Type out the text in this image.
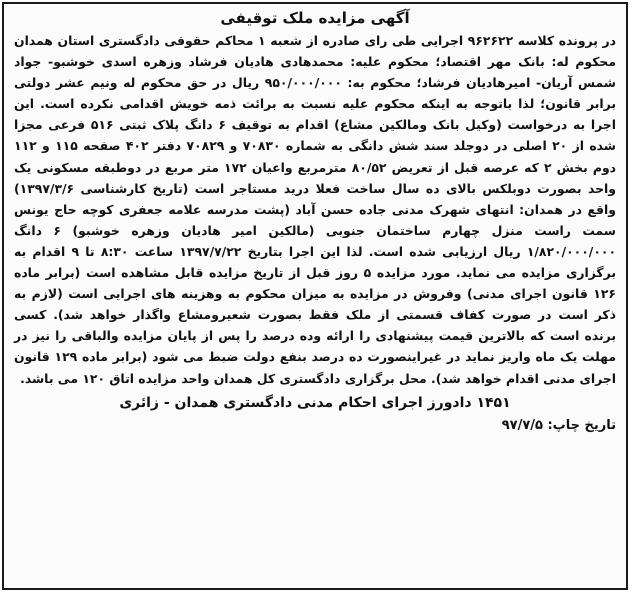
آگهی مزایده ملک توقیفی

در پرونده کلاسه ۹۶۲۶۲۲ اجرایی طی رای صادره از شعبه ۱ محاکم حقوقی دادگستری استان همدان محکوم له: بانک مهر اقتصاد؛ محکوم علیه: محمدهادی هادیان فرشاد وزهره اسدی خوشبو- جواد شمس آریان- امیرهادیان فرشاد؛ محکوم به: ۹۵۰/۰۰۰/۰۰۰ ریال در حق محکوم له ونیم عشر دولتی برابر قانون؛ لذا باتوجه به اینکه محکوم علیه نسبت به برائت ذمه خویش اقدامی نکرده است. این اجرا به درخواست (وکیل بانک ومالکین مشاع) اقدام به توقیف ۶ دانگ پلاک ثبتی ۵۱۶ فرعی مجزا شده از ۲۰ اصلی در دوجلد سند شش دانگی به شماره ۷۰۸۳۰ و ۷۰۸۲۹ دفتر ۴۰۲ صفحه ۱۱۵ و ۱۱۲ دوم بخش ۲ که عرصه قبل از تعریض ۸۰/۵۲ مترمربع واعیان ۱۷۲ متر مربع در دوطبقه مسکونی یک واحد بصورت دوبلکس بالای ده سال ساخت فعلا درید مستاجر است (تاریخ کارشناسی ۱۳۹۷/۳/۶) واقع در همدان: انتهای شهرک مدنی جاده حسن آباد (پشت مدرسه علامه جعفری کوچه حاج یونس سمت راست منزل چهارم ساختمان جنوبی (مالکین امیر هادیان وزهره خوشبو) ۶ دانگ ۱/۸۲۰/۰۰۰/۰۰۰ ریال ارزیابی شده است. لذا این اجرا بتاریخ ۱۳۹۷/۷/۲۲ ساعت ۸:۳۰ تا ۹ اقدام به برگزاری مزایده می نماید. مورد مزایده ۵ روز قبل از تاریخ مزایده قابل مشاهده است (برابر ماده ۱۲۶ قانون اجرای مدنی) وفروش در مزایده به میزان محکوم به وهزینه های اجرایی است (لازم به ذکر است در صورت کفاف قسمتی از ملک فقط بصورت شعیرومشاع واگذار خواهد شد). کسی برنده است که بالاترین قیمت پیشنهادی را ارائه وده درصد را پس از پایان مزایده والباقی را نیز در مهلت یک ماه واریز نماید در غیراینصورت ده درصد بنفع دولت ضبط می شود (برابر ماده ۱۲۹ قانون اجرای مدنی اقدام خواهد شد). محل برگزاری دادگستری کل همدان واحد مزایده اتاق ۱۲۰ می باشد.

۱۴۵۱ دادورز اجرای احکام مدنی دادگستری همدان - زائری
تاریخ چاپ: ۹۷/۷/۵
